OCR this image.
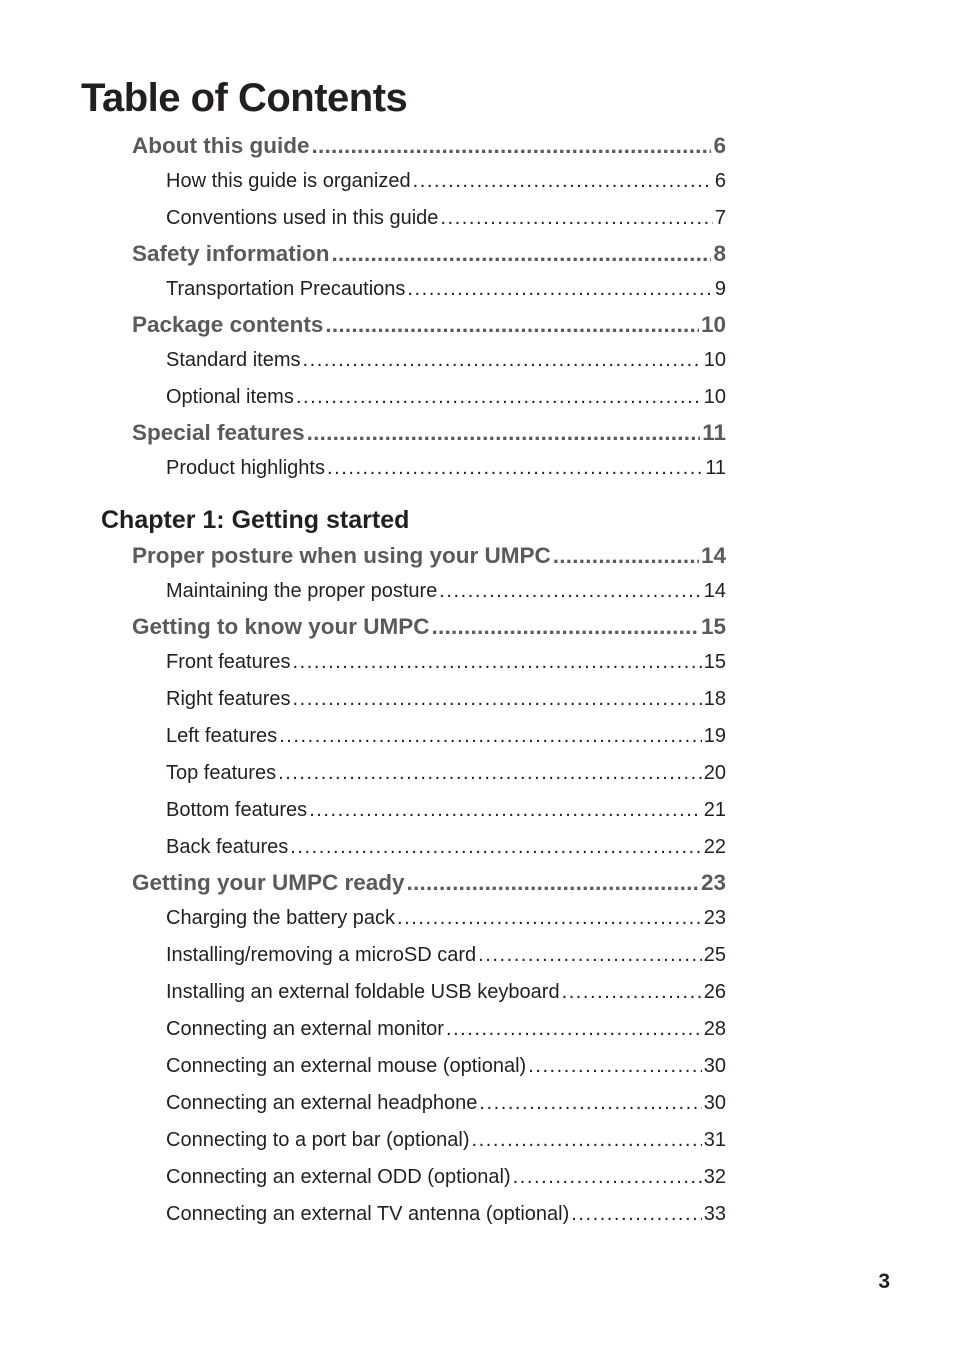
Table of Contents
About this guide . . .	6
How this guide is organized . . .	6
Conventions used in this guide . . .	7
Safety information . . .	8
Transportation Precautions . . .	9
Package contents . . .	10
Standard items . . .	10
Optional items . . .	10
Special features . . .	11
Product highlights . . .	11
Chapter 1: Getting started
Proper posture when using your UMPC . . .	14
Maintaining the proper posture . . .	14
Getting to know your UMPC . . .	15
Front features . . .	15
Right features . . .	18
Left features . . .	19
Top features . . .	20
Bottom features . . .	21
Back features . . .	22
Getting your UMPC ready . . .	23
Charging the battery pack . . .	23
Installing/removing a microSD card . . .	25
Installing an external foldable USB keyboard . . .	26
Connecting an external monitor . . .	28
Connecting an external mouse (optional) . . .	30
Connecting an external headphone . . .	30
Connecting to a port bar (optional) . . .	31
Connecting an external ODD (optional) . . .	32
Connecting an external TV antenna (optional) . . .	33
3
